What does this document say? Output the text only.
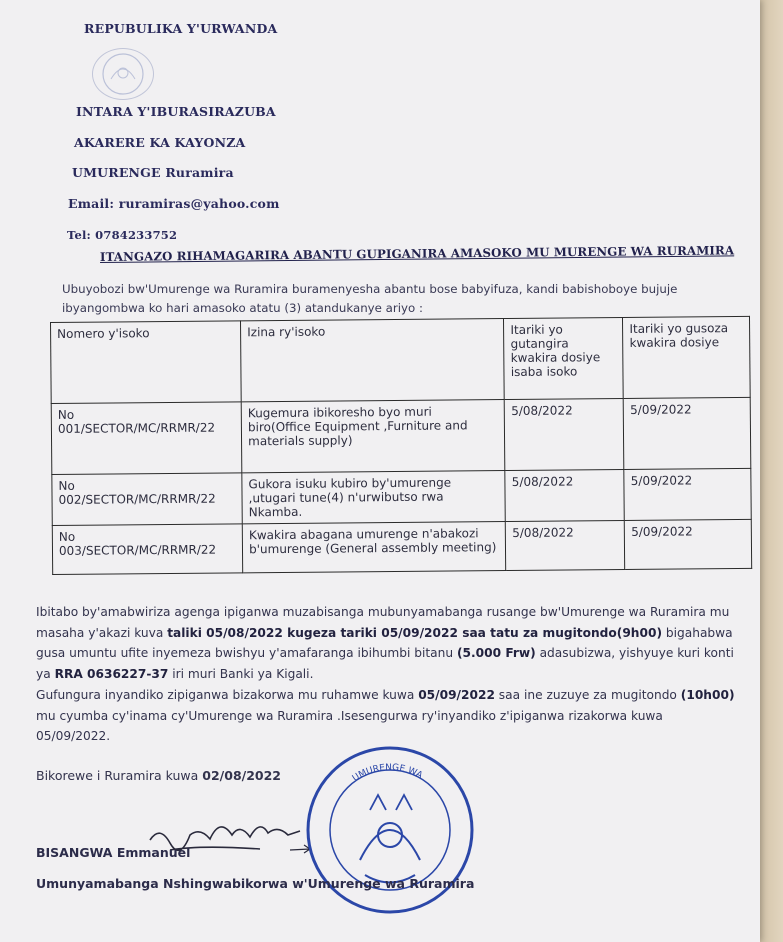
REPUBULIKA Y'URWANDA
INTARA Y'IBURASIRAZUBA
AKARERE KA KAYONZA
UMURENGE Ruramira
Email: ruramiras@yahoo.com
Tel: 0784233752
ITANGAZO RIHAMAGARIRA ABANTU GUPIGANIRA AMASOKO MU MURENGE WA RURAMIRA
Ubuyobozi bw'Umurenge wa Ruramira buramenyesha abantu bose babyifuza, kandi babishoboye bujuje ibyangombwa ko hari amasoko atatu (3) atandukanye ariyo :
Nomero y'isoko	Izina ry'isoko	Itariki yo gutangira kwakira dosiye isaba isoko	Itariki yo gusoza kwakira dosiye
No 001/SECTOR/MC/RRMR/22	Kugemura ibikoresho byo muri biro(Office Equipment ,Furniture and materials supply)	5/08/2022	5/09/2022
No 002/SECTOR/MC/RRMR/22	Gukora isuku kubiro by'umurenge ,utugari tune(4) n'urwibutso rwa Nkamba.	5/08/2022	5/09/2022
No 003/SECTOR/MC/RRMR/22	Kwakira abagana umurenge n'abakozi b'umurenge (General assembly meeting)	5/08/2022	5/09/2022
Ibitabo by'amabwiriza agenga ipiganwa muzabisanga mubunyamabanga rusange bw'Umurenge wa Ruramira mu masaha y'akazi kuva taliki 05/08/2022 kugeza tariki 05/09/2022 saa tatu za mugitondo(9h00) bigahabwa gusa umuntu ufite inyemeza bwishyu y'amafaranga ibihumbi bitanu (5.000 Frw) adasubizwa, yishyuye kuri konti ya RRA 0636227-37 iri muri Banki ya Kigali.
Gufungura inyandiko zipiganwa bizakorwa mu ruhamwe kuwa 05/09/2022 saa ine zuzuye za mugitondo (10h00) mu cyumba cy'inama cy'Umurenge wa Ruramira .Isesengurwa ry'inyandiko z'ipiganwa rizakorwa kuwa 05/09/2022.
Bikorewe i Ruramira kuwa 02/08/2022	UMURENGE WA
BISANGWA Emmanuel
Umunyamabanga Nshingwabikorwa w'Umurenge wa Ruramira
